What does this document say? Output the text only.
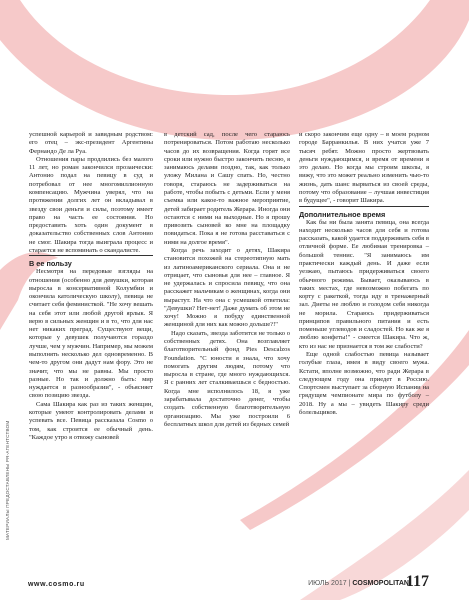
успешной карьерой и завидным родством: его отец – экс-президент Аргентины Фернандо Де ла Руа.

Отношения пары продлились без малого 11 лет, но роман закончился прозаически: Антонио подал на певицу в суд и потребовал от нее многомиллионную компенсацию. Мужчина уверял, что на протяжении долгих лет он вкладывал в звезду свои деньги и силы, поэтому имеет право на часть ее состояния. Но предоставить хоть один документ в доказательство собственных слов Антонио не смог. Шакира тогда выиграла процесс и старается не вспоминать о скандалисте.

В ее пользу

Несмотря на передовые взгляды на отношения (особенно для девушки, которая выросла в консервативной Колумбии и окончила католическую школу), певица не считает себя феминисткой. "Не хочу вешать на себя этот или любой другой ярлык. Я верю в сильных женщин и в то, что для нас нет никаких преград. Существуют вещи, которые у девушек получаются гораздо лучше, чем у мужчин. Например, мы можем выполнять несколько дел одновременно. В чем-то другом они дадут нам фору. Это не значит, что мы не равны. Мы просто разные. Но так и должно быть: мир нуждается в разнообразии", - объясняет свою позицию звезда.

Сама Шакира как раз из таких женщин, которые умеют контролировать делами и успевать все. Певица рассказала Cosmo о том, как строится ее обычный день. "Каждое утро я отвожу сыновей

в детский сад, после чего стараюсь потренироваться. Потом работаю несколько часов до их возвращения. Когда горят все сроки или нужно быстро закончить песню, я занимаюсь делами поздно, так, как только уложу Милана и Сашу спать. Но, честно говоря, стараюсь не задерживаться на работе, чтобы побыть с детьми. Если у меня съемка или какое-то важное мероприятие, детей забирает родитель Жерара. Иногда они остаются с ними на выходные. Но я прошу привозить сыновей ко мне на площадку повидаться. Пока я не готова расставаться с ними на долгое время".

Когда речь заходит о детях, Шакира становится похожей на стереотипную мать из латиноамериканского сериала. Она и не отрицает, что сыновья для нее – главное. Я не удержалась и спросила певицу, что она расскажет мальчикам о женщинах, когда они вырастут. На что она с усмешкой ответила: "Девушки? Нет-нет! Даже думать об этом не хочу! Можно я побуду единственной женщиной для них как можно дольше?!"

Надо сказать, звезда заботится не только о собственных детях. Она возглавляет благотворительный фонд Pies Descalzos Foundation. "С юности я знала, что хочу помогать другим людям, потому что выросла в стране, где много нуждающихся. Я с ранних лет сталкиваешься с бедностью. Когда мне исполнилось 18, я уже зарабатывала достаточно денег, чтобы создать собственную благотворительную организацию. Мы уже построили 6 бесплатных школ для детей из бедных семей

и скоро закончим еще одну – в моем родном городе Барранкилья. В них учатся уже 7 тысяч ребят. Можно просто жертвовать деньги нуждающимся, и время от времени я это делаю. Но когда мы строим школы, я вижу, что это может реально изменить чью-то жизнь, дать шанс вырваться из своей среды, потому что образование – лучшая инвестиция в будущее", - говорит Шакира.

Дополнительное время

Как бы ни была занята певица, она всегда находит несколько часов для себя и готова рассказать, какой удается поддерживать себя в отличной форме. Ее любимая тренировка – большой теннис. "Я занимаюсь им практически каждый день. И даже если уезжаю, пытаюсь придерживаться своего обычного режима. Бывает, оказываюсь в таких местах, где невозможно побегать по корту с ракеткой, тогда иду в тренажерный зал. Диеты не люблю и голодом себя никогда не морила. Стараюсь придерживаться принципов правильного питания и есть поменьше углеводов и сладостей. Но как же я люблю конфеты!" - смеется Шакира. Что ж, кто из нас не признается в том же слабости?

Еще одной слабостью певица называет голубые глаза, имея в виду своего мужа. Кстати, вполне возможно, что ради Жерара в следующем году она приедет в Россию. Спортсмен выступает за сборную Испании на грядущем чемпионате мира по футболу – 2018. Ну а мы – увидеть Шакиру среди болельщиков.

МАТЕРИАЛЫ ПРЕДОСТАВЛЕНЫ PR-АГЕНТСТВОМ
www.cosmo.ru	ИЮЛЬ 2017 | COSMOPOLITAN
117
